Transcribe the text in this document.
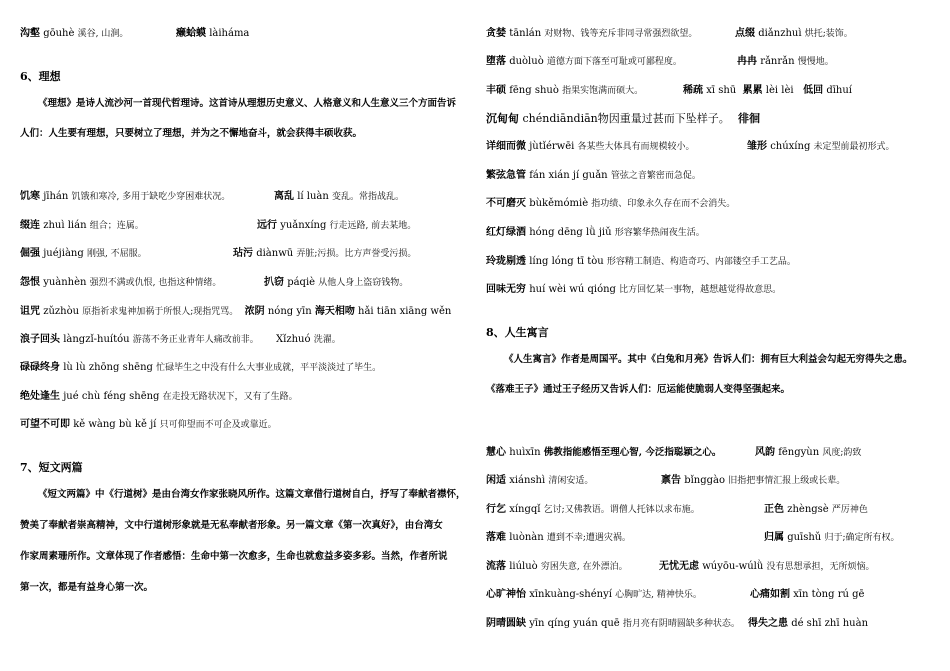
沟壑 gōuhè 溪谷, 山涧。	癞蛤蟆 làiháma
6、理想
《理想》是诗人流沙河一首现代哲理诗。这首诗从理想历史意义、人格意义和人生意义三个方面告诉
人们：人生要有理想，只要树立了理想，并为之不懈地奋斗，就会获得丰硕收获。
饥寒 jīhán 饥饿和寒冷, 多用于缺吃少穿困难状况。	离乱 lí luàn 变乱。常指战乱。
缀连 zhuì lián 组合；连属。	远行 yuǎnxíng 行走远路, 前去某地。
倔强 juéjiàng 刚强, 不屈服。	玷污 diànwū 弄脏;污损。比方声誉受污损。
怨恨 yuànhèn 强烈不满或仇恨, 也指这种情绪。	扒窃 páqiè 从他人身上盗窃钱物。
诅咒 zǔzhòu 原指祈求鬼神加祸于所恨人;现指咒骂。 浓阴 nóng yīn 海天相吻 hǎi tiān xiāng wěn
浪子回头 làngzǐ-huítóu 游荡不务正业青年人痛改前非。 Xǐzhuó 洗濯。
碌碌终身 lù lù zhōng shēng 忙碌毕生之中没有什么大事业成就，平平淡淡过了毕生。
绝处逢生 jué chù féng shēng 在走投无路状况下，又有了生路。
可望不可即 kě wàng bù kě jí 只可仰望而不可企及或靠近。
7、短文两篇
《短文两篇》中《行道树》是由台湾女作家张晓风所作。这篇文章借行道树自白，抒写了奉献者襟怀，
赞美了奉献者崇高精神，文中行道树形象就是无私奉献者形象。另一篇文章《第一次真好》，由台湾女
作家周素珊所作。文章体现了作者感悟：生命中第一次愈多，生命也就愈益多姿多彩。当然，作者所说
第一次，都是有益身心第一次。
贪婪 tānlán 对财物、钱等充斥非同寻常强烈欲望。	点缀 diǎnzhuì 烘托;装饰。
堕落 duòluò 道德方面下落至可耻或可鄙程度。	冉冉 rǎnrǎn 慢慢地。
丰硕 fēng shuò 指果实饱满而硕大。	稀疏 xī shū 累累 lèi lèi 低回 dīhuí
沉甸甸 chéndiāndiān物因重量过甚而下坠样子。 徘徊
详细而微 jùtǐérwēi 各某些大体具有而规模较小。	雏形 chúxíng 未定型前最初形式。
繁弦急管 fán xián jí guǎn 管弦之音繁密而急促。
不可磨灭 bùkěmómiè 指功绩、印象永久存在而不会消失。
红灯绿酒 hóng dēng lǜ jiǔ 形容繁华热闹夜生活。
玲珑剔透 líng lóng tī tòu 形容精工制造、构造奇巧、内部镂空手工艺品。
回味无穷 huí wèi wú qióng 比方回忆某一事物，越想越觉得故意思。
8、人生寓言
《人生寓言》作者是周国平。其中《白兔和月亮》告诉人们：拥有巨大利益会勾起无穷得失之患。
《落难王子》通过王子经历又告诉人们：厄运能使脆弱人变得坚强起来。
慧心 huìxīn 佛教指能感悟至理心智, 今泛指聪颖之心。	风韵 fēngyùn 风度;韵致
闲适 xiánshì 清闲安适。	禀告 bǐnggào 旧指把事情汇报上级或长辈。
行乞 xíngqǐ 乞讨;又佛教语。谓僧人托钵以求布施。	正色 zhèngsè 严厉神色
落难 luònàn 遭到不幸;遭遇灾祸。	归属 guīshǔ 归于;确定所有权。
流落 liúluò 穷困失意, 在外漂泊。	无忧无虑 wúyōu-wúlǜ 没有思想承担，无所烦恼。
心旷神怡 xīnkuàng-shényí 心胸旷达, 精神快乐。	心痛如割 xīn tòng rú gē
阴晴圆缺 yīn qíng yuán quē 指月亮有阴晴圆缺多种状态。 得失之患 dé shī zhī huàn
